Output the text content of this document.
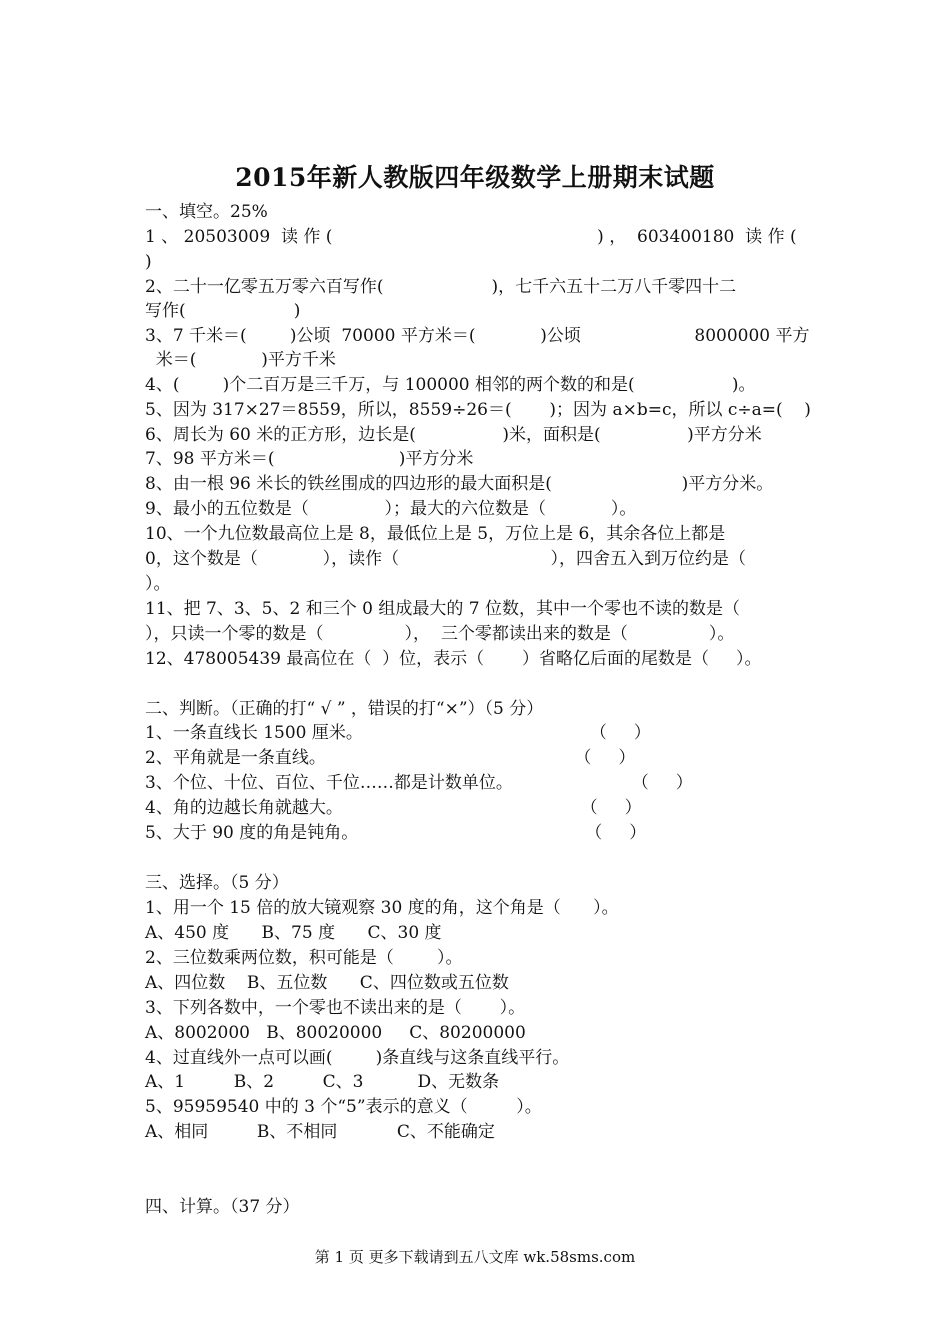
2015年新人教版四年级数学上册期末试题
一、填空。25%
1 、 20503009  读 作 (                                                 ) ，  603400180  读 作 (
)
2、二十一亿零五万零六百写作(                    )，七千六五十二万八千零四十二
写作(                    )
3、7 千米＝(        )公顷  70000 平方米＝(            )公顷                     8000000 平方
米＝(            )平方千米
4、(        )个二百万是三千万，与 100000 相邻的两个数的和是(                  )。
5、因为 317×27＝8559，所以，8559÷26＝(       )；因为 a×b=c，所以 c÷a=(    )
6、周长为 60 米的正方形，边长是(                )米，面积是(                )平方分米
7、98 平方米＝(                       )平方分米
8、由一根 96 米长的铁丝围成的四边形的最大面积是(                        )平方分米。
9、最小的五位数是（              ）；最大的六位数是（            ）。
10、一个九位数最高位上是 8，最低位上是 5，万位上是 6，其余各位上都是
0，这个数是（            ），读作（                            ），四舍五入到万位约是（
）。
11、把 7、3、5、2 和三个 0 组成最大的 7 位数，其中一个零也不读的数是（
），只读一个零的数是（               ），  三个零都读出来的数是（               ）。
12、478005439 最高位在（  ）位，表示（       ）省略亿后面的尾数是（     ）。
二、判断。（正确的打“ √ ” ，错误的打“×”）（5 分）
1、一条直线长 1500 厘米。                                          （     ）
2、平角就是一条直线。                                              （     ）
3、个位、十位、百位、千位……都是计数单位。                      （     ）
4、角的边越长角就越大。                                            （     ）
5、大于 90 度的角是钝角。                                          （     ）
三、选择。（5 分）
1、用一个 15 倍的放大镜观察 30 度的角，这个角是（      ）。
A、450 度      B、75 度      C、30 度
2、三位数乘两位数，积可能是（        ）。
A、四位数    B、五位数      C、四位数或五位数
3、下列各数中，一个零也不读出来的是（       ）。
A、8002000   B、80020000     C、80200000
4、过直线外一点可以画(        )条直线与这条直线平行。
A、1         B、2         C、3          D、无数条
5、95959540 中的 3 个“5”表示的意义（         ）。
A、相同         B、不相同           C、不能确定
四、计算。（37 分）
第 1 页 更多下载请到五八文库 wk.58sms.com
